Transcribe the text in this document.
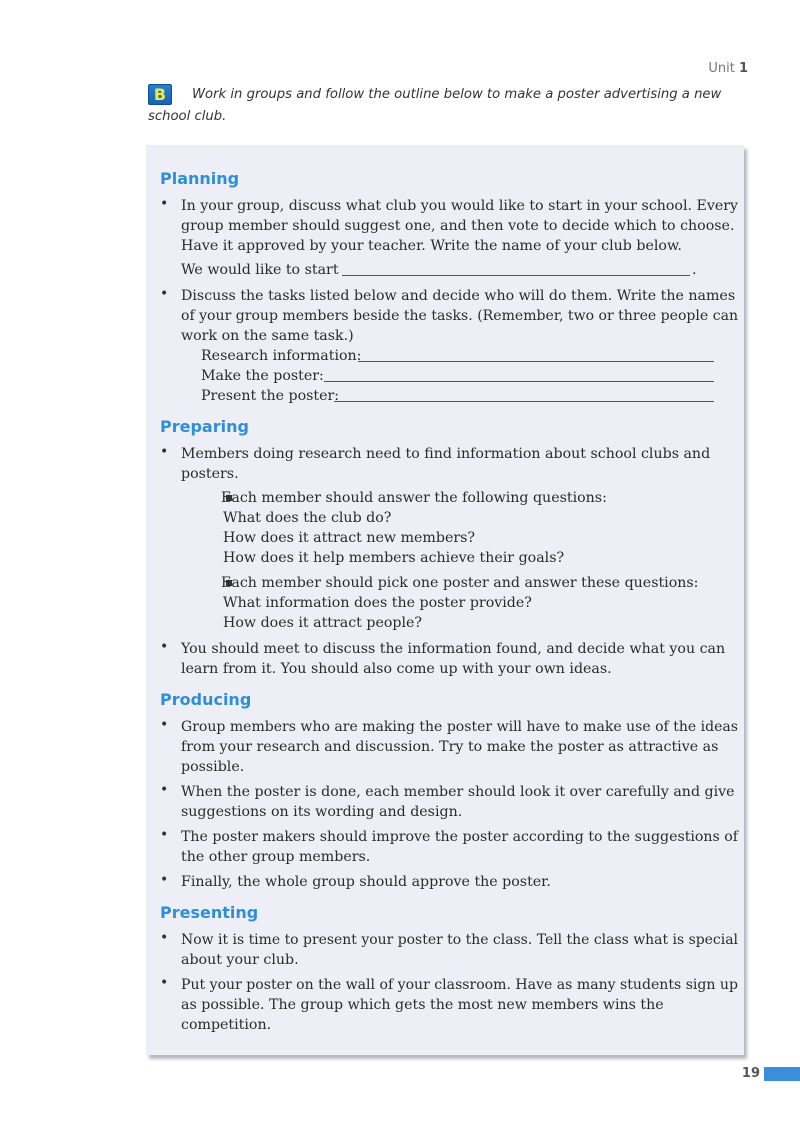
Unit 1
B Work in groups and follow the outline below to make a poster advertising a new
school club.
Planning
• In your group, discuss what club you would like to start in your school. Every
group member should suggest one, and then vote to decide which to choose.
Have it approved by your teacher. Write the name of your club below.
We would like to start	.
• Discuss the tasks listed below and decide who will do them. Write the names
of your group members beside the tasks. (Remember, two or three people can
work on the same task.)
Research information:
Make the poster:
Present the poster:
Preparing
• Members doing research need to find information about school clubs and
posters.
Each member should answer the following questions:
What does the club do?
How does it attract new members?
How does it help members achieve their goals?
Each member should pick one poster and answer these questions:
What information does the poster provide?
How does it attract people?
• You should meet to discuss the information found, and decide what you can
learn from it. You should also come up with your own ideas.
Producing
• Group members who are making the poster will have to make use of the ideas
from your research and discussion. Try to make the poster as attractive as
possible.
• When the poster is done, each member should look it over carefully and give
suggestions on its wording and design.
• The poster makers should improve the poster according to the suggestions of
the other group members.
• Finally, the whole group should approve the poster.
Presenting
• Now it is time to present your poster to the class. Tell the class what is special
about your club.
• Put your poster on the wall of your classroom. Have as many students sign up
as possible. The group which gets the most new members wins the
competition.
19
